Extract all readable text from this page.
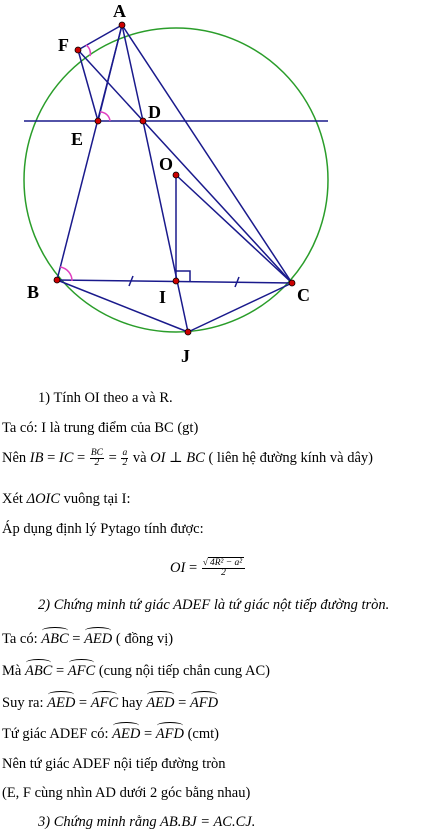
A
F
E
D
O
B	I	C
J
1) Tính OI theo a và R.
Ta có: I là trung điểm của BC (gt)
Nên IB = IC = $\frac{BC}{2} = \frac{a}{2}$ và OI ⊥ BC ( liên hệ đường kính và dây)
Xét ΔOIC vuông tại I:
Áp dụng định lý Pytago tính được:
OI = $\frac{\text{√ 4R² − a²}}{2}$
2) Chứng minh tứ giác ADEF là tứ giác nột tiếp đường tròn.
Ta có: ABC = AED ( đồng vị)
Mà ABC = AFC (cung nội tiếp chắn cung AC)
Suy ra: AED = AFC hay AED = AFD
Tứ giác ADEF có: AED = AFD (cmt)
Nên tứ giác ADEF nội tiếp đường tròn
(E, F cùng nhìn AD dưới 2 góc bằng nhau)
3) Chứng minh rằng AB.BJ = AC.CJ.
